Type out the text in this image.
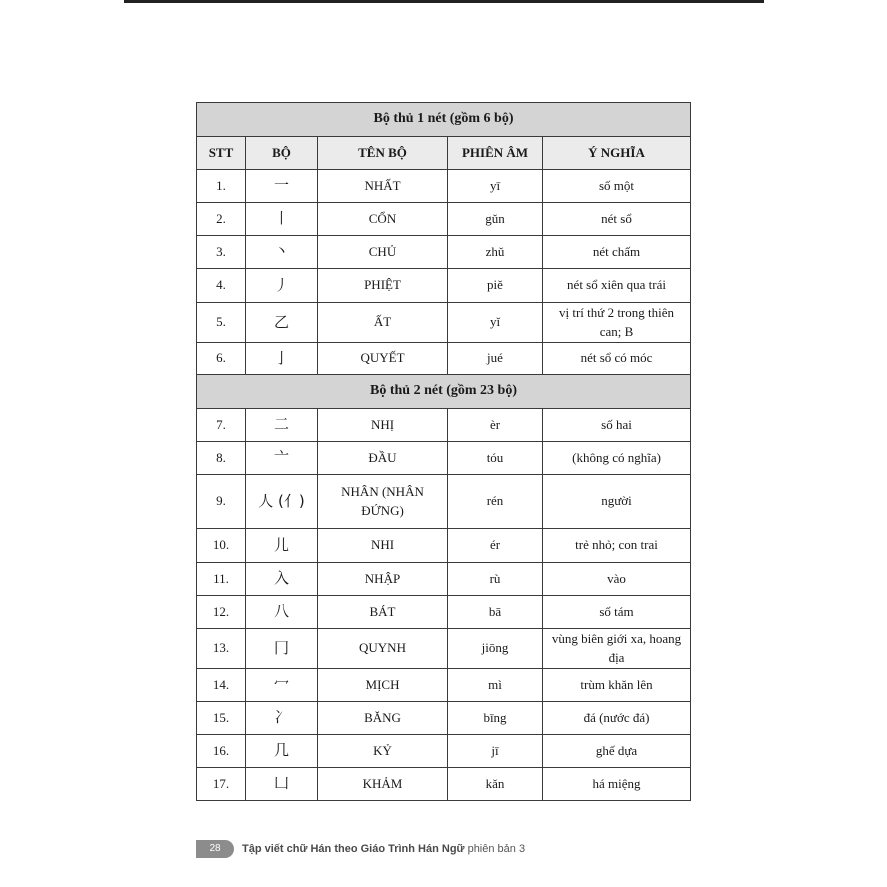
Bộ thủ 1 nét (gồm 6 bộ)				
STT	BỘ	TÊN BỘ	PHIÊN ÂM	Ý NGHĨA
1.	一	NHẤT	yī	số một
2.	丨	CỔN	gǔn	nét sổ
3.	丶	CHỦ	zhǔ	nét chấm
4.	丿	PHIỆT	piě	nét sổ xiên qua trái
5.	乙	ẤT	yǐ	vị trí thứ 2 trong thiên can; B
6.	亅	QUYẾT	jué	nét sổ có móc
Bộ thủ 2 nét (gồm 23 bộ)				
7.	二	NHỊ	èr	số hai
8.	亠	ĐẦU	tóu	(không có nghĩa)
9.	人 (亻)	NHÂN (NHÂN ĐỨNG)	rén	người
10.	儿	NHI	ér	trẻ nhỏ; con trai
11.	入	NHẬP	rù	vào
12.	八	BÁT	bā	số tám
13.	冂	QUYNH	jiōng	vùng biên giới xa, hoang địa
14.	冖	MỊCH	mì	trùm khăn lên
15.	冫	BĂNG	bīng	đá (nước đá)
16.	几	KỶ	jī	ghế dựa
17.	凵	KHẢM	kǎn	há miệng
28	Tập viết chữ Hán theo Giáo Trình Hán Ngữ phiên bản 3
